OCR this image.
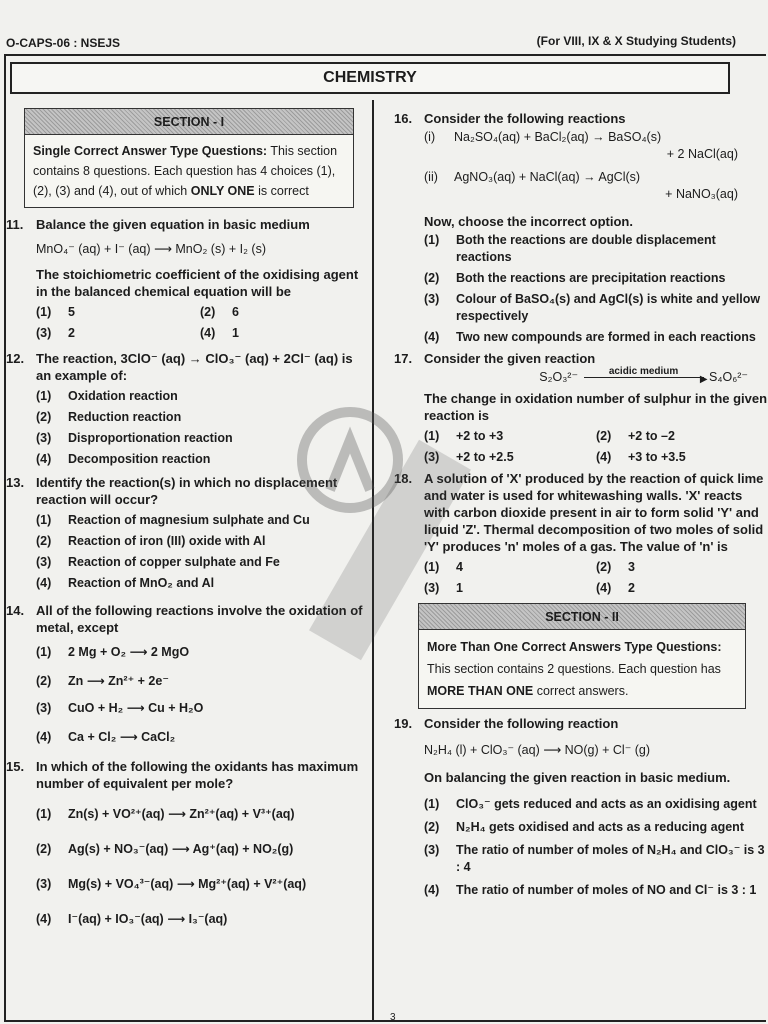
O-CAPS-06 : NSEJS	(For VIII, IX & X Studying Students)
CHEMISTRY
SECTION - I
Single Correct Answer Type Questions: This section contains 8 questions. Each question has 4 choices (1), (2), (3) and (4), out of which ONLY ONE is correct
11. Balance the given equation in basic medium
MnO₄⁻ (aq) + I⁻ (aq) ⟶ MnO₂ (s) + I₂ (s)
The stoichiometric coefficient of the oxidising agent in the balanced chemical equation will be
(1)	5	(2)	6
(3)	2	(4)	1
12. The reaction, 3ClO⁻ (aq) → ClO₃⁻ (aq) + 2Cl⁻ (aq) is an example of:
(1)	Oxidation reaction
(2)	Reduction reaction
(3)	Disproportionation reaction
(4)	Decomposition reaction
13. Identify the reaction(s) in which no displacement reaction will occur?
(1)	Reaction of magnesium sulphate and Cu
(2)	Reaction of iron (III) oxide with Al
(3)	Reaction of copper sulphate and Fe
(4)	Reaction of MnO₂ and Al
14. All of the following reactions involve the oxidation of metal, except
(1)	2 Mg + O₂ ⟶ 2 MgO
(2)	Zn ⟶ Zn²⁺ + 2e⁻
(3)	CuO + H₂ ⟶ Cu + H₂O
(4)	Ca + Cl₂ ⟶ CaCl₂
15. In which of the following the oxidants has maximum number of equivalent per mole?
(1)	Zn(s) + VO²⁺(aq) ⟶ Zn²⁺(aq) + V³⁺(aq)
(2)	Ag(s) + NO₃⁻(aq) ⟶ Ag⁺(aq) + NO₂(g)
(3)	Mg(s) + VO₄³⁻(aq) ⟶ Mg²⁺(aq) + V²⁺(aq)
(4)	I⁻(aq) + IO₃⁻(aq) ⟶ I₃⁻(aq)
16. Consider the following reactions
(i) Na₂SO₄(aq) + BaCl₂(aq) → BaSO₄(s)
+ 2 NaCl(aq)
(ii) AgNO₃(aq) + NaCl(aq) → AgCl(s)
+ NaNO₃(aq)
Now, choose the incorrect option.
(1)	Both the reactions are double displacement reactions
(2)	Both the reactions are precipitation reactions
(3)	Colour of BaSO₄(s) and AgCl(s) is white and yellow respectively
(4)	Two new compounds are formed in each reactions
17. Consider the given reaction
S₂O₃²⁻	acidic medium
▶ S₄O₆²⁻
The change in oxidation number of sulphur in the given reaction is
(1)	+2 to +3	(2)	+2 to –2
(3)	+2 to +2.5	(4)	+3 to +3.5
18. A solution of 'X' produced by the reaction of quick lime and water is used for whitewashing walls. 'X' reacts with carbon dioxide present in air to form solid 'Y' and liquid 'Z'. Thermal decomposition of two moles of solid 'Y' produces 'n' moles of a gas. The value of 'n' is
(1)	4	(2)	3
(3)	1	(4)	2
SECTION - II
More Than One Correct Answers Type Questions: This section contains 2 questions. Each question has MORE THAN ONE correct answers.
19. Consider the following reaction
N₂H₄ (l) + ClO₃⁻ (aq) ⟶ NO(g) + Cl⁻ (g)
On balancing the given reaction in basic medium.
(1)	ClO₃⁻ gets reduced and acts as an oxidising agent
(2)	N₂H₄ gets oxidised and acts as a reducing agent
(3)	The ratio of number of moles of N₂H₄ and ClO₃⁻ is 3 : 4
(4)	The ratio of number of moles of NO and Cl⁻ is 3 : 1
3
